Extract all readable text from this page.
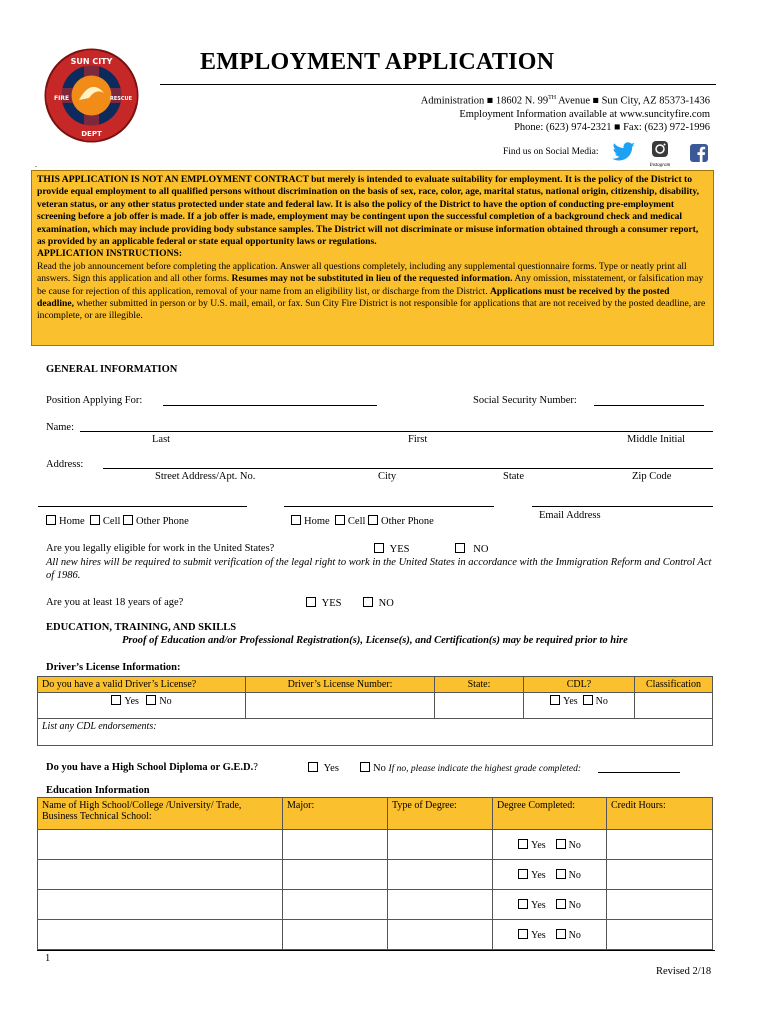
SUN CITY
DEPT
FIRE	RESCUE
EMPLOYMENT APPLICATION
Administration ■ 18602 N. 99TH Avenue ■ Sun City, AZ 85373-1436
Employment Information available at www.suncityfire.com
Phone: (623) 974-2321 ■ Fax: (623) 972-1996
Find us on Social Media:
Instagram
.

THIS APPLICATION IS NOT AN EMPLOYMENT CONTRACT but merely is intended to evaluate suitability for employment. It is the policy of the District to provide equal employment to all qualified persons without discrimination on the basis of sex, race, color, age, marital status, national origin, citizenship, disability, veteran status, or any other status protected under state and federal law. It is also the policy of the District to have the option of conducting pre-employment screening before a job offer is made. If a job offer is made, employment may be contingent upon the successful completion of a background check and medical examination, which may include providing body substance samples. The District will not discriminate or misuse information obtained through a consumer report, as provided by an applicable federal or state equal opportunity laws or regulations.

APPLICATION INSTRUCTIONS:

Read the job announcement before completing the application. Answer all questions completely, including any supplemental questionnaire forms. Type or neatly print all answers. Sign this application and all other forms. Resumes may not be substituted in lieu of the requested information. Any omission, misstatement, or falsification may be cause for rejection of this application, removal of your name from an eligibility list, or discharge from the District. Applications must be received by the posted deadline, whether submitted in person or by U.S. mail, email, or fax. Sun City Fire District is not responsible for applications that are not received by the posted deadline, are incomplete, or are illegible.

GENERAL INFORMATION
Position Applying For:	Social Security Number:
Name:
Last	First	Middle Initial
Address:
Street Address/Apt. No.	City	State	Zip Code
Home Cell Other Phone	Home Cell Other Phone
Email Address
Are you legally eligible for work in the United States?	YES	NO
All new hires will be required to submit verification of the legal right to work in the United States in accordance with the Immigration Reform and Control Act of 1986.
Are you at least 18 years of age?	YES	NO
EDUCATION, TRAINING, AND SKILLS
Proof of Education and/or Professional Registration(s), License(s), and Certification(s) may be required prior to hire
Driver’s License Information:
Do you have a valid Driver’s License?	Driver’s License Number:	State:	CDL?	Classification
Yes No			Yes No	
List any CDL endorsements:				
Do you have a High School Diploma or G.E.D.?	Yes	No If no, please indicate the highest grade completed:
Education Information
Name of High School/College /University/ Trade, Business Technical School:	Major:	Type of Degree:	Degree Completed:	Credit Hours:
			Yes No	
			Yes No	
			Yes No	
			Yes No	
1
Revised 2/18
